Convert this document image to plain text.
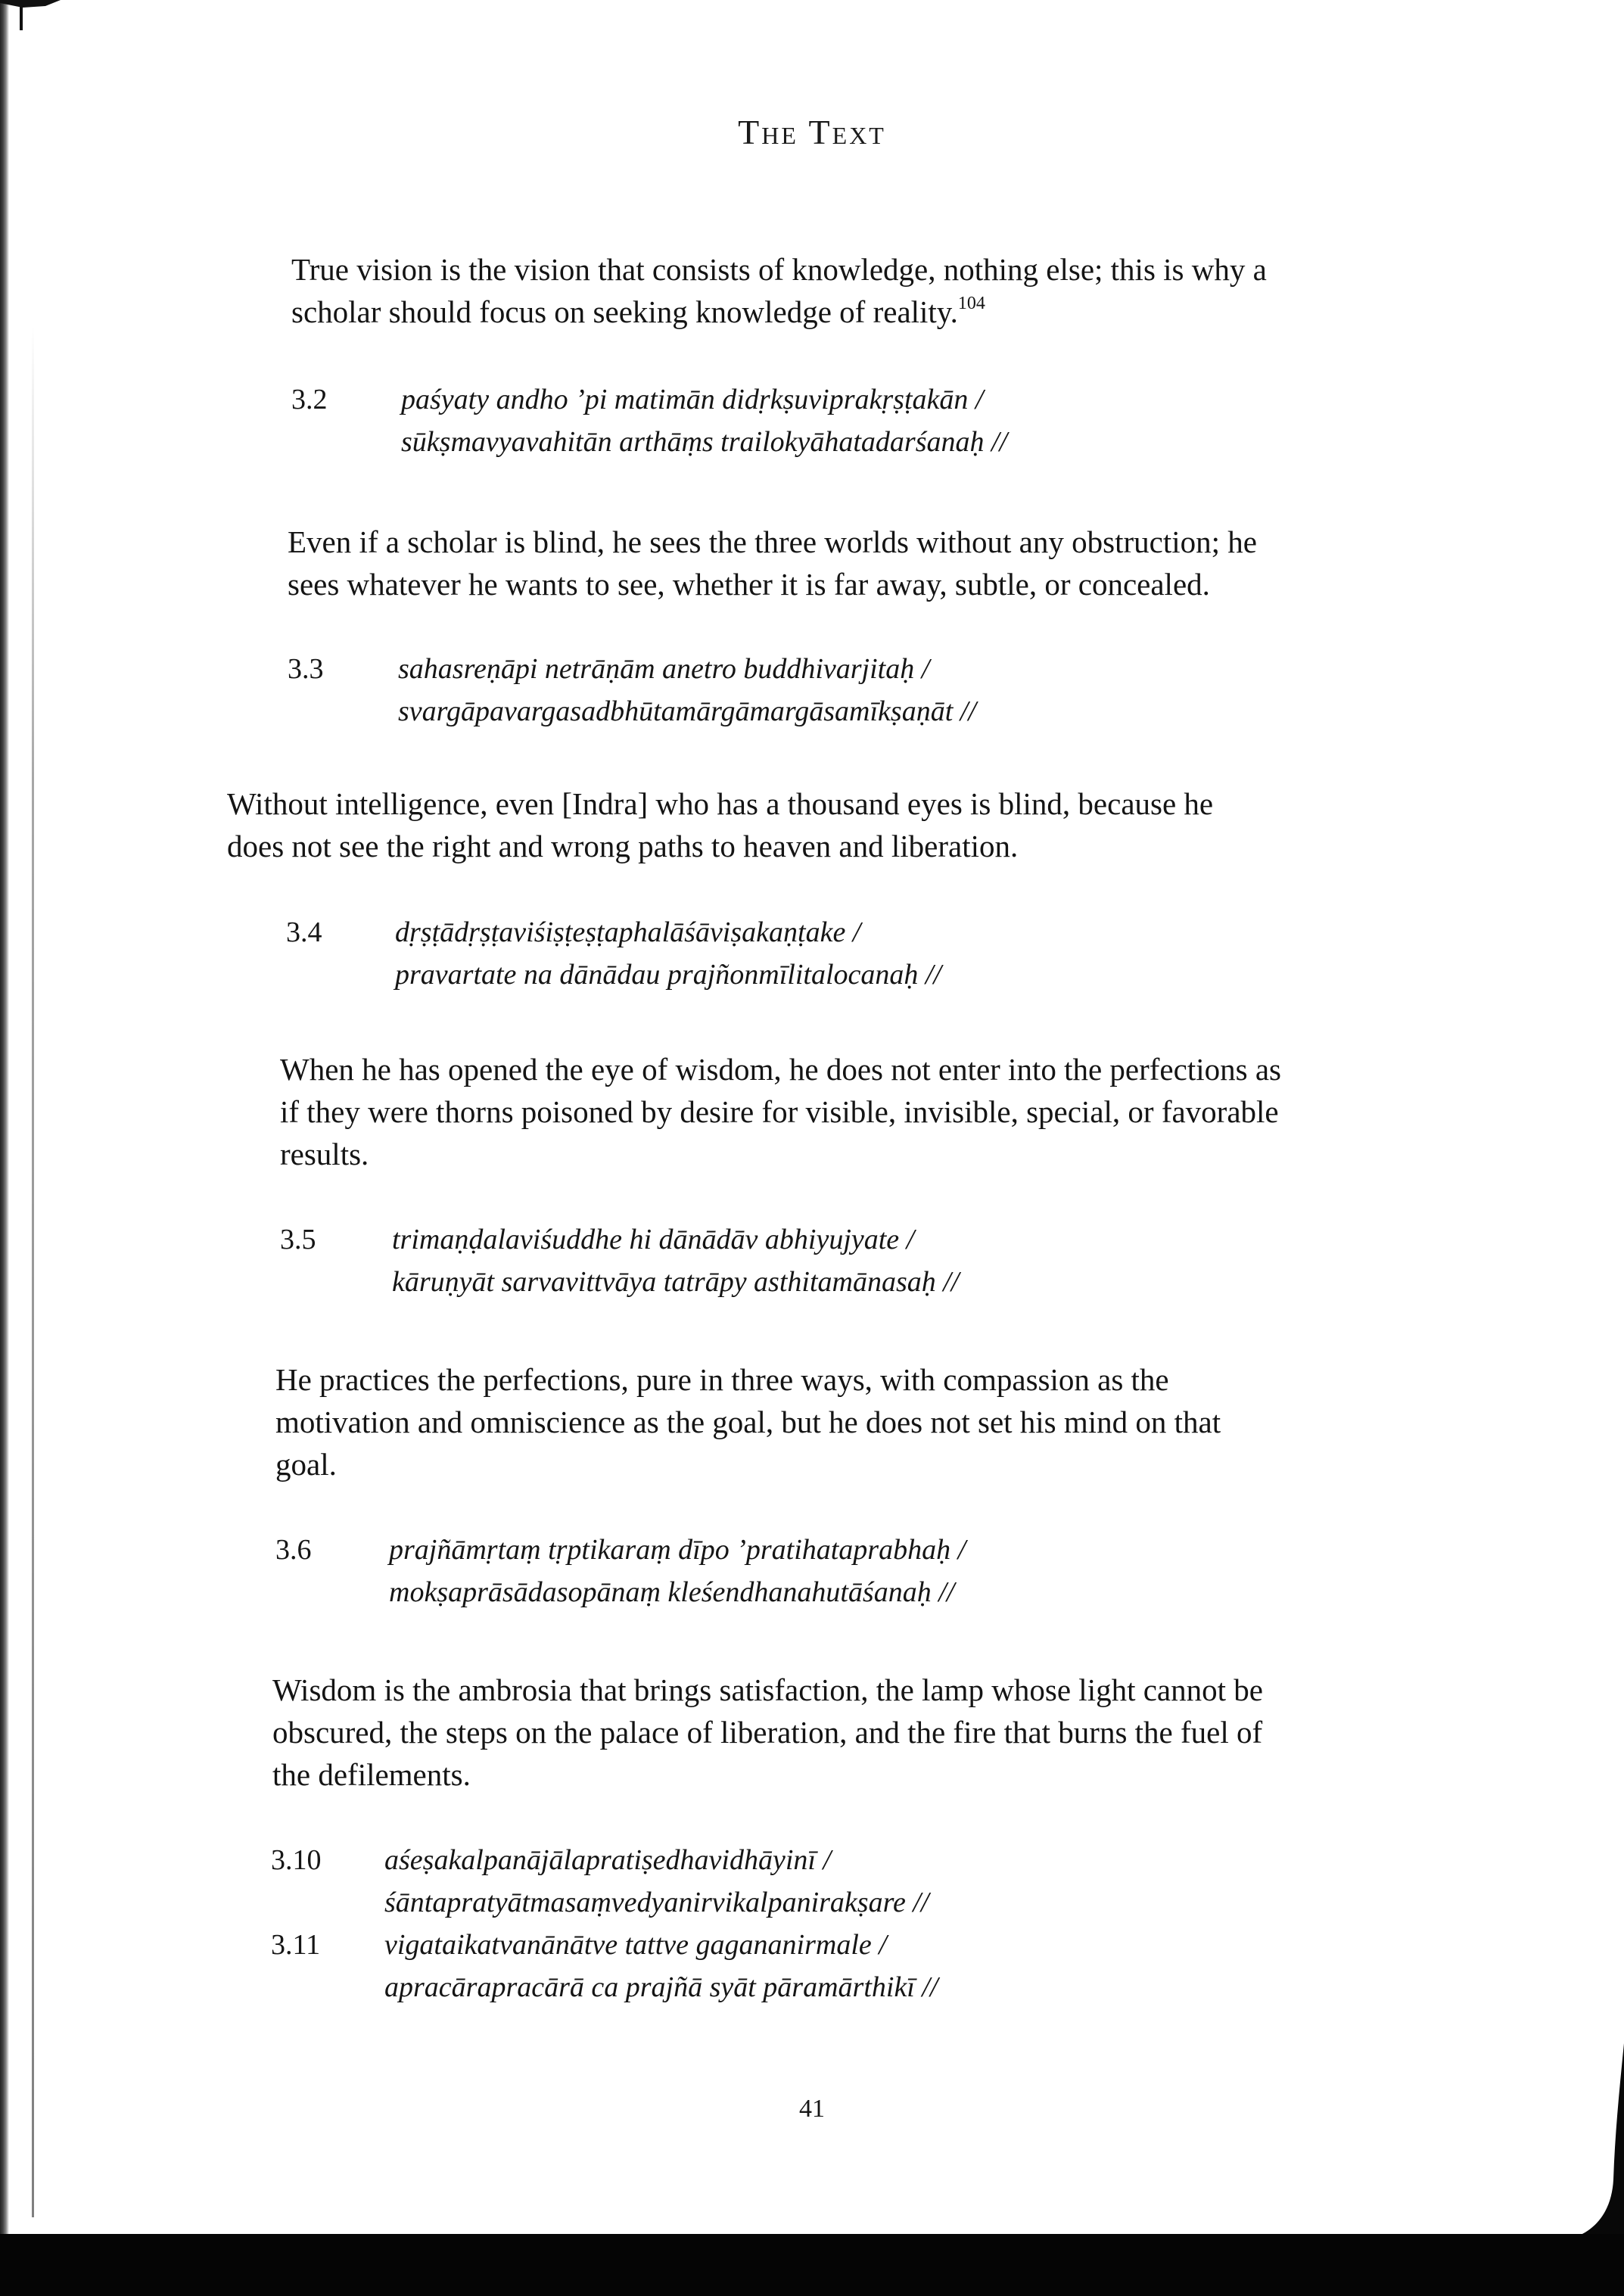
The Text

True vision is the vision that consists of knowledge, nothing else; this is why a scholar should focus on seeking knowledge of reality.$^{104}$

3.2	paśyaty andho ’pi matimān didṛkṣuviprakṛṣṭakān /
sūkṣmavyavahitān arthāṃs trailokyāhatadarśanaḥ //

Even if a scholar is blind, he sees the three worlds without any obstruction; he sees whatever he wants to see, whether it is far away, subtle, or concealed.

3.3	sahasreṇāpi netrāṇām anetro buddhivarjitaḥ /
svargāpavargasadbhūtamārgāmargāsamīkṣaṇāt //

Without intelligence, even [Indra] who has a thousand eyes is blind, because he does not see the right and wrong paths to heaven and liberation.

3.4	dṛṣṭādṛṣṭaviśiṣṭeṣṭaphalāśāviṣakaṇṭake /
pravartate na dānādau prajñonmīlitalocanaḥ //

When he has opened the eye of wisdom, he does not enter into the perfections as if they were thorns poisoned by desire for visible, invisible, special, or favorable results.

3.5	trimaṇḍalaviśuddhe hi dānādāv abhiyujyate /
kāruṇyāt sarvavittvāya tatrāpy asthitamānasaḥ //

He practices the perfections, pure in three ways, with compassion as the motivation and omniscience as the goal, but he does not set his mind on that goal.

3.6	prajñāmṛtaṃ tṛptikaraṃ dīpo ’pratihataprabhaḥ /
mokṣaprāsādasopānaṃ kleśendhanahutāśanaḥ //

Wisdom is the ambrosia that brings satisfaction, the lamp whose light cannot be obscured, the steps on the palace of liberation, and the fire that burns the fuel of the defilements.

3.10 aśeṣakalpanājālapratiṣedhavidhāyinī /
śāntapratyātmasaṃvedyanirvikalpanirakṣare //
3.11 vigataikatvanānātve tattve gagananirmale /
apracārapracārā ca prajñā syāt pāramārthikī //
41
